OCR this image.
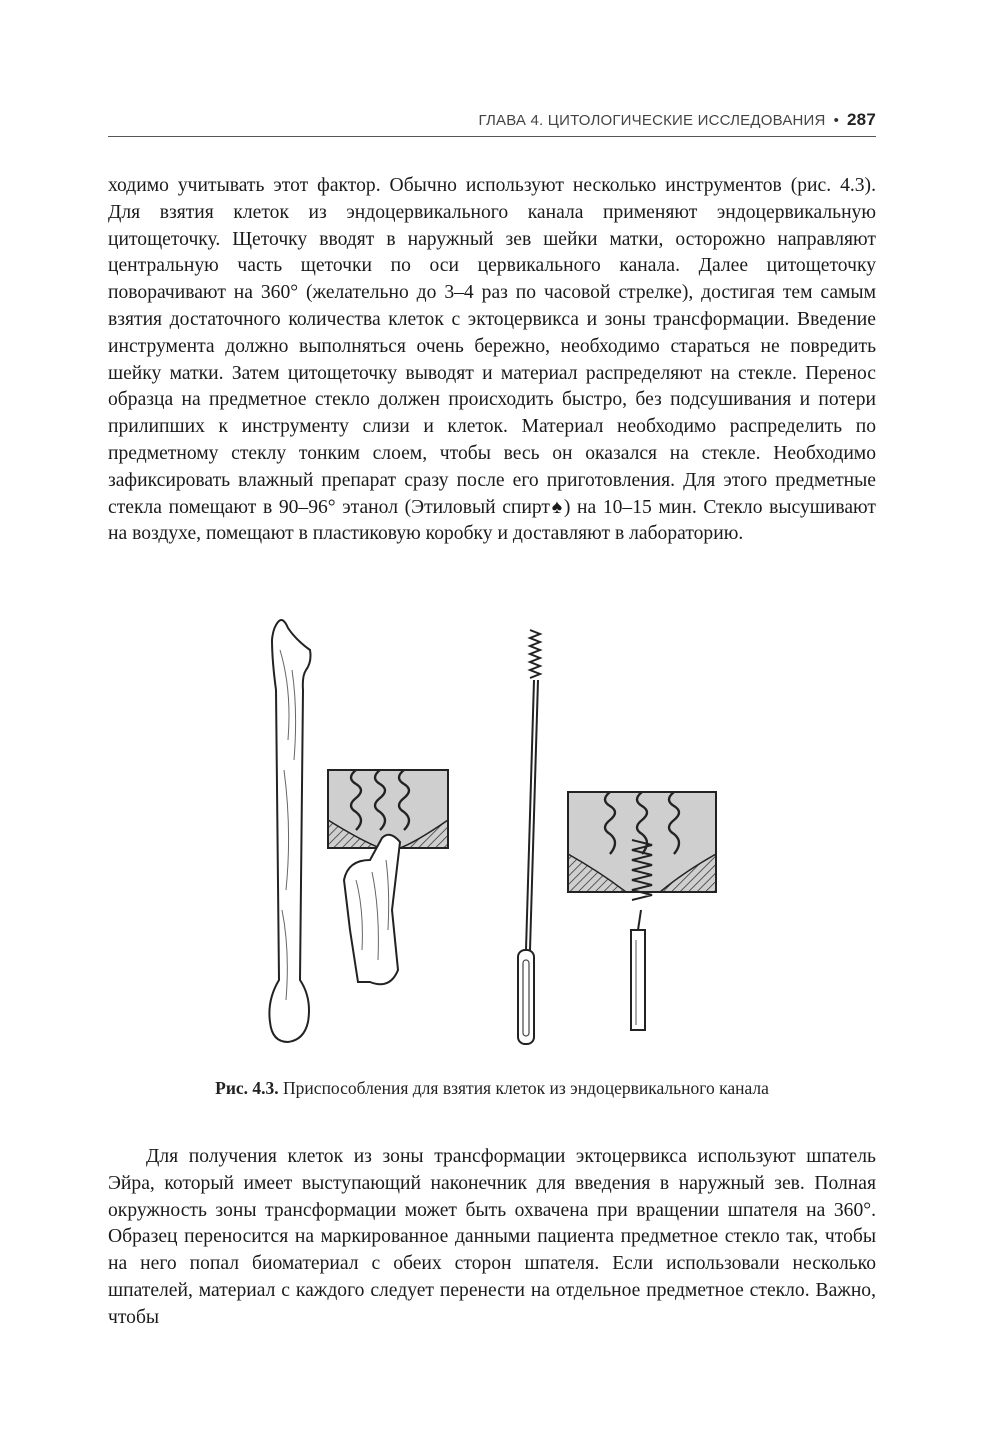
ГЛАВА 4. ЦИТОЛОГИЧЕСКИЕ ИССЛЕДОВАНИЯ • 287

ходимо учитывать этот фактор. Обычно используют несколько инструментов (рис. 4.3). Для взятия клеток из эндоцервикального канала применяют эндоцервикальную цитощеточку. Щеточку вводят в наружный зев шейки матки, осторожно направляют центральную часть щеточки по оси цервикального канала. Далее цитощеточку поворачивают на 360° (желательно до 3–4 раз по часовой стрелке), достигая тем самым взятия достаточного количества клеток с эктоцервикса и зоны трансформации. Введение инструмента должно выполняться очень бережно, необходимо стараться не повредить шейку матки. Затем цитощеточку выводят и материал распределяют на стекле. Перенос образца на предметное стекло должен происходить быстро, без подсушивания и потери прилипших к инструменту слизи и клеток. Материал необходимо распределить по предметному стеклу тонким слоем, чтобы весь он оказался на стекле. Необходимо зафиксировать влажный препарат сразу после его приготовления. Для этого предметные стекла помещают в 90–96° этанол (Этиловый спирт♠) на 10–15 мин. Стекло высушивают на воздухе, помещают в пластиковую коробку и доставляют в лабораторию.

Рис. 4.3. Приспособления для взятия клеток из эндоцервикального канала

Для получения клеток из зоны трансформации эктоцервикса используют шпатель Эйра, который имеет выступающий наконечник для введения в наружный зев. Полная окружность зоны трансформации может быть охвачена при вращении шпателя на 360°. Образец переносится на маркированное данными пациента предметное стекло так, чтобы на него попал биоматериал с обеих сторон шпателя. Если использовали несколько шпателей, материал с каждого следует перенести на отдельное предметное стекло. Важно, чтобы
